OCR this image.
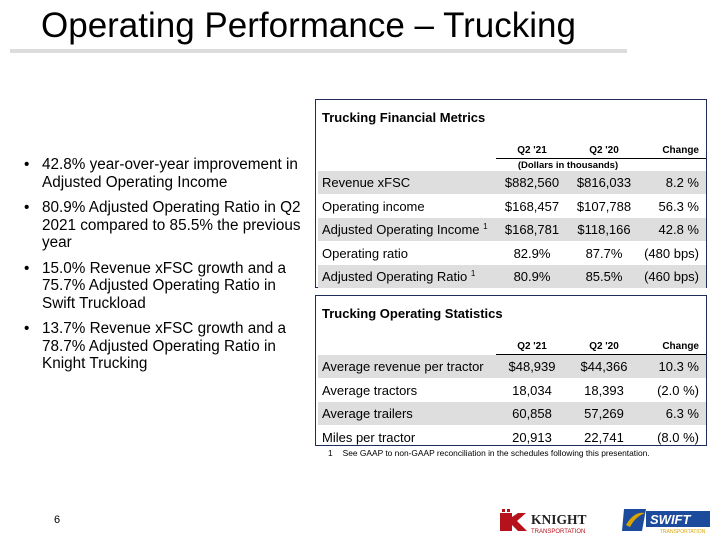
Operating Performance – Trucking
• 42.8% year-over-year improvement in Adjusted Operating Income
• 80.9% Adjusted Operating Ratio in Q2 2021 compared to 85.5% the previous year
• 15.0% Revenue xFSC growth and a 75.7% Adjusted Operating Ratio in Swift Truckload
• 13.7% Revenue xFSC growth and a 78.7% Adjusted Operating Ratio in Knight Trucking
Trucking Financial Metrics
	Q2 '21	Q2 '20	Change
	(Dollars in thousands)		
Revenue xFSC	$882,560	$816,033	8.2 %
Operating income	$168,457	$107,788	56.3 %
Adjusted Operating Income $^1$	$168,781	$118,166	42.8 %
Operating ratio	82.9%	87.7%	(480 bps)
Adjusted Operating Ratio $^1$	80.9%	85.5%	(460 bps)
Trucking Operating Statistics
	Q2 '21	Q2 '20	Change
Average revenue per tractor	$48,939	$44,366	10.3 %
Average tractors	18,034	18,393	(2.0 %)
Average trailers	60,858	57,269	6.3 %
Miles per tractor	20,913	22,741	(8.0 %)
1 See GAAP to non-GAAP reconciliation in the schedules following this presentation.
6	KNIGHT
TRANSPORTATION
SWIFT
TRANSPORTATION
